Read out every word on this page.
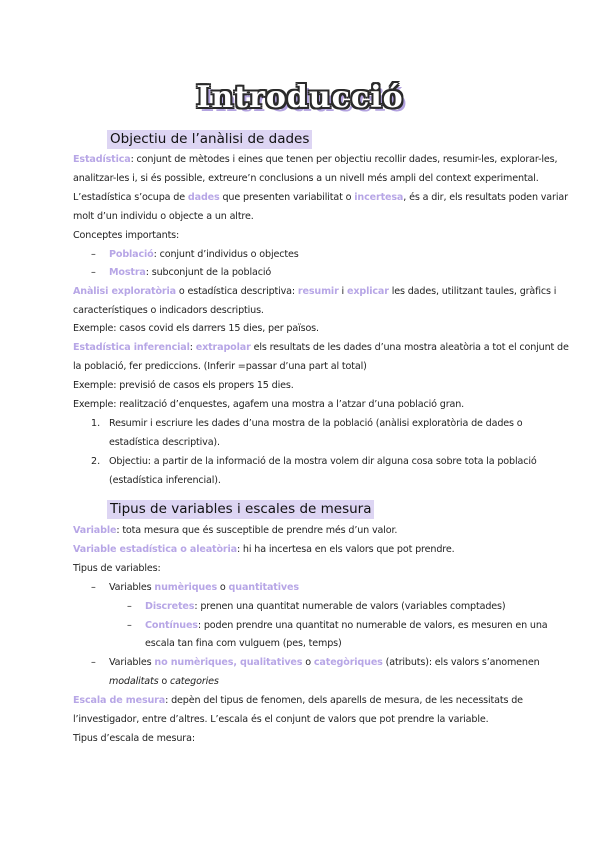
Introducció
Objectiu de l’anàlisi de dades
Estadística: conjunt de mètodes i eines que tenen per objectiu recollir dades, resumir-les, explorar-les,
analitzar-les i, si és possible, extreure’n conclusions a un nivell més ampli del context experimental.
L’estadística s’ocupa de dades que presenten variabilitat o incertesa, és a dir, els resultats poden variar
molt d’un individu o objecte a un altre.
Conceptes importants:
– Població: conjunt d’individus o objectes
– Mostra: subconjunt de la població
Anàlisi exploratòria o estadística descriptiva: resumir i explicar les dades, utilitzant taules, gràfics i
característiques o indicadors descriptius.
Exemple: casos covid els darrers 15 dies, per països.
Estadística inferencial: extrapolar els resultats de les dades d’una mostra aleatòria a tot el conjunt de
la població, fer prediccions. (Inferir =passar d’una part al total)
Exemple: previsió de casos els propers 15 dies.
Exemple: realització d’enquestes, agafem una mostra a l’atzar d’una població gran.
1. Resumir i escriure les dades d’una mostra de la població (anàlisi exploratòria de dades o
estadística descriptiva).
2. Objectiu: a partir de la informació de la mostra volem dir alguna cosa sobre tota la població
(estadística inferencial).
Tipus de variables i escales de mesura
Variable: tota mesura que és susceptible de prendre més d’un valor.
Variable estadística o aleatòria: hi ha incertesa en els valors que pot prendre.
Tipus de variables:
– Variables numèriques o quantitatives
– Discretes: prenen una quantitat numerable de valors (variables comptades)
– Contínues: poden prendre una quantitat no numerable de valors, es mesuren en una
escala tan fina com vulguem (pes, temps)
– Variables no numèriques, qualitatives o categòriques (atributs): els valors s’anomenen
modalitats o categories
Escala de mesura: depèn del tipus de fenomen, dels aparells de mesura, de les necessitats de
l’investigador, entre d’altres. L’escala és el conjunt de valors que pot prendre la variable.
Tipus d’escala de mesura:
